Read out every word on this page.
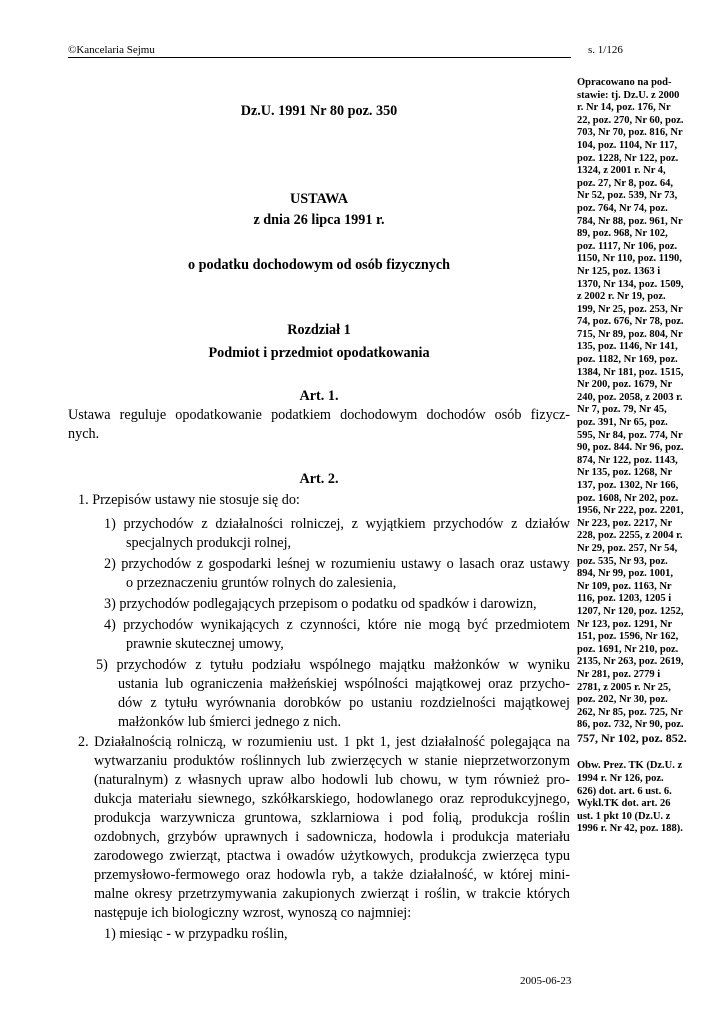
©Kancelaria Sejmu	s. 1/126
Dz.U. 1991 Nr 80 poz. 350
USTAWA
z dnia 26 lipca 1991 r.
o podatku dochodowym od osób fizycznych
Rozdział 1
Podmiot i przedmiot opodatkowania
Art. 1.
Ustawa reguluje opodatkowanie podatkiem dochodowym dochodów osób fizycz-
nych.
Art. 2.
1. Przepisów ustawy nie stosuje się do:
1) przychodów z działalności rolniczej, z wyjątkiem przychodów z działów
specjalnych produkcji rolnej,
2) przychodów z gospodarki leśnej w rozumieniu ustawy o lasach oraz ustawy
o przeznaczeniu gruntów rolnych do zalesienia,
3) przychodów podlegających przepisom o podatku od spadków i darowizn,
4) przychodów wynikających z czynności, które nie mogą być przedmiotem
prawnie skutecznej umowy,
5) przychodów z tytułu podziału wspólnego majątku małżonków w wyniku
ustania lub ograniczenia małżeńskiej wspólności majątkowej oraz przycho-
dów z tytułu wyrównania dorobków po ustaniu rozdzielności majątkowej
małżonków lub śmierci jednego z nich.
2. Działalnością rolniczą, w rozumieniu ust. 1 pkt 1, jest działalność polegająca na
wytwarzaniu produktów roślinnych lub zwierzęcych w stanie nieprzetworzonym
(naturalnym) z własnych upraw albo hodowli lub chowu, w tym również pro-
dukcja materiału siewnego, szkółkarskiego, hodowlanego oraz reprodukcyjnego,
produkcja warzywnicza gruntowa, szklarniowa i pod folią, produkcja roślin
ozdobnych, grzybów uprawnych i sadownicza, hodowla i produkcja materiału
zarodowego zwierząt, ptactwa i owadów użytkowych, produkcja zwierzęca typu
przemysłowo-fermowego oraz hodowla ryb, a także działalność, w której mini-
malne okresy przetrzymywania zakupionych zwierząt i roślin, w trakcie których
następuje ich biologiczny wzrost, wynoszą co najmniej:
1) miesiąc - w przypadku roślin,
Opracowano na pod-
stawie: tj. Dz.U. z 2000
r. Nr 14, poz. 176, Nr
22, poz. 270, Nr 60, poz.
703, Nr 70, poz. 816, Nr
104, poz. 1104, Nr 117,
poz. 1228, Nr 122, poz.
1324, z 2001 r. Nr 4,
poz. 27, Nr 8, poz. 64,
Nr 52, poz. 539, Nr 73,
poz. 764, Nr 74, poz.
784, Nr 88, poz. 961, Nr
89, poz. 968, Nr 102,
poz. 1117, Nr 106, poz.
1150, Nr 110, poz. 1190,
Nr 125, poz. 1363 i
1370, Nr 134, poz. 1509,
z 2002 r. Nr 19, poz.
199, Nr 25, poz. 253, Nr
74, poz. 676, Nr 78, poz.
715, Nr 89, poz. 804, Nr
135, poz. 1146, Nr 141,
poz. 1182, Nr 169, poz.
1384, Nr 181, poz. 1515,
Nr 200, poz. 1679, Nr
240, poz. 2058, z 2003 r.
Nr 7, poz. 79, Nr 45,
poz. 391, Nr 65, poz.
595, Nr 84, poz. 774, Nr
90, poz. 844. Nr 96, poz.
874, Nr 122, poz. 1143,
Nr 135, poz. 1268, Nr
137, poz. 1302, Nr 166,
poz. 1608, Nr 202, poz.
1956, Nr 222, poz. 2201,
Nr 223, poz. 2217, Nr
228, poz. 2255, z 2004 r.
Nr 29, poz. 257, Nr 54,
poz. 535, Nr 93, poz.
894, Nr 99, poz. 1001,
Nr 109, poz. 1163, Nr
116, poz. 1203, 1205 i
1207, Nr 120, poz. 1252,
Nr 123, poz. 1291, Nr
151, poz. 1596, Nr 162,
poz. 1691, Nr 210, poz.
2135, Nr 263, poz. 2619,
Nr 281, poz. 2779 i
2781, z 2005 r. Nr 25,
poz. 202, Nr 30, poz.
262, Nr 85, poz. 725, Nr
86, poz. 732, Nr 90, poz.
757, Nr 102, poz. 852.
Obw. Prez. TK (Dz.U. z
1994 r. Nr 126, poz.
626) dot. art. 6 ust. 6.
Wykl.TK dot. art. 26
ust. 1 pkt 10 (Dz.U. z
1996 r. Nr 42, poz. 188).
2005-06-23
